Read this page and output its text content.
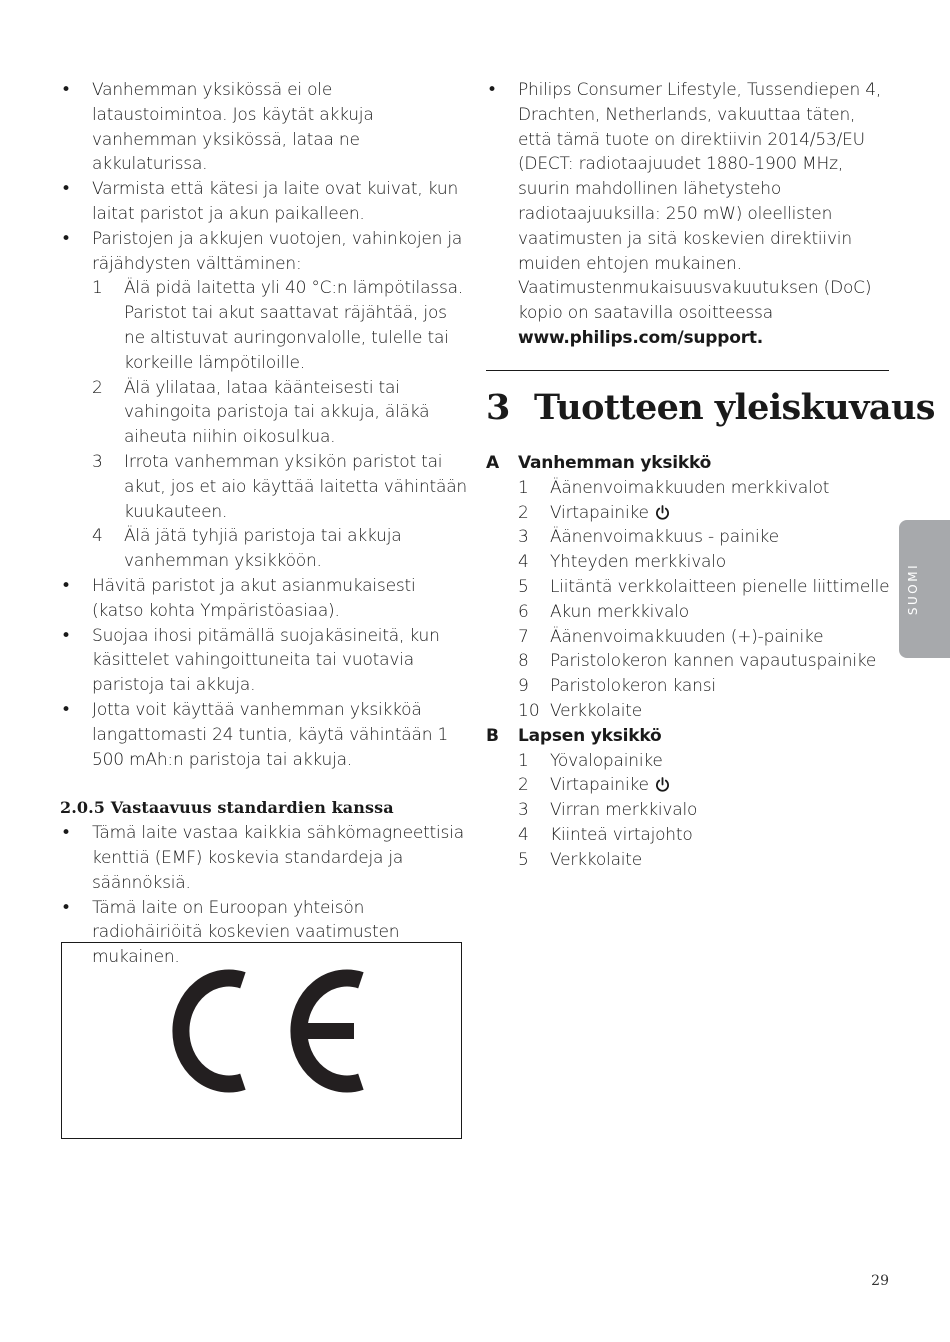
• Vanhemman yksikössä ei ole lataustoimintoa. Jos käytät akkuja vanhemman yksikössä, lataa ne akkulaturissa.
• Varmista että kätesi ja laite ovat kuivat, kun laitat paristot ja akun paikalleen.
• Paristojen ja akkujen vuotojen, vahinkojen ja räjähdysten välttäminen:
1	Älä pidä laitetta yli 40 °C:n lämpötilassa. Paristot tai akut saattavat räjähtää, jos ne altistuvat auringonvalolle, tulelle tai korkeille lämpötiloille.
2	Älä ylilataa, lataa käänteisesti tai vahingoita paristoja tai akkuja, äläkä aiheuta niihin oikosulkua.
3	Irrota vanhemman yksikön paristot tai akut, jos et aio käyttää laitetta vähintään kuukauteen.
4	Älä jätä tyhjiä paristoja tai akkuja vanhemman yksikköön.
• Hävitä paristot ja akut asianmukaisesti (katso kohta Ympäristöasiaa).
• Suojaa ihosi pitämällä suojakäsineitä, kun käsittelet vahingoittuneita tai vuotavia paristoja tai akkuja.
• Jotta voit käyttää vanhemman yksikköä langattomasti 24 tuntia, käytä vähintään 1 500 mAh:n paristoja tai akkuja.
2.0.5 Vastaavuus standardien kanssa
• Tämä laite vastaa kaikkia sähkömagneettisia kenttiä (EMF) koskevia standardeja ja säännöksiä.
• Tämä laite on Euroopan yhteisön radiohäiriöitä koskevien vaatimusten mukainen.
• Philips Consumer Lifestyle, Tussendiepen 4, Drachten, Netherlands, vakuuttaa täten, että tämä tuote on direktiivin 2014/53/EU (DECT: radiotaajuudet 1880-1900 MHz, suurin mahdollinen lähetysteho radiotaajuuksilla: 250 mW) oleellisten vaatimusten ja sitä koskevien direktiivin muiden ehtojen mukainen. Vaatimustenmukaisuusvakuutuksen (DoC) kopio on saatavilla osoitteessa www.philips.com/support.
3 Tuotteen yleiskuvaus
A Vanhemman yksikkö
1 Äänenvoimakkuuden merkkivalot
2 Virtapainike
3 Äänenvoimakkuus - painike
4 Yhteyden merkkivalo
5 Liitäntä verkkolaitteen pienelle liittimelle
6 Akun merkkivalo
7 Äänenvoimakkuuden (+)-painike
8 Paristolokeron kannen vapautuspainike
9 Paristolokeron kansi
10 Verkkolaite
B Lapsen yksikkö
1 Yövalopainike
2 Virtapainike
3 Virran merkkivalo
4 Kiinteä virtajohto
5 Verkkolaite
SUOMI
29
